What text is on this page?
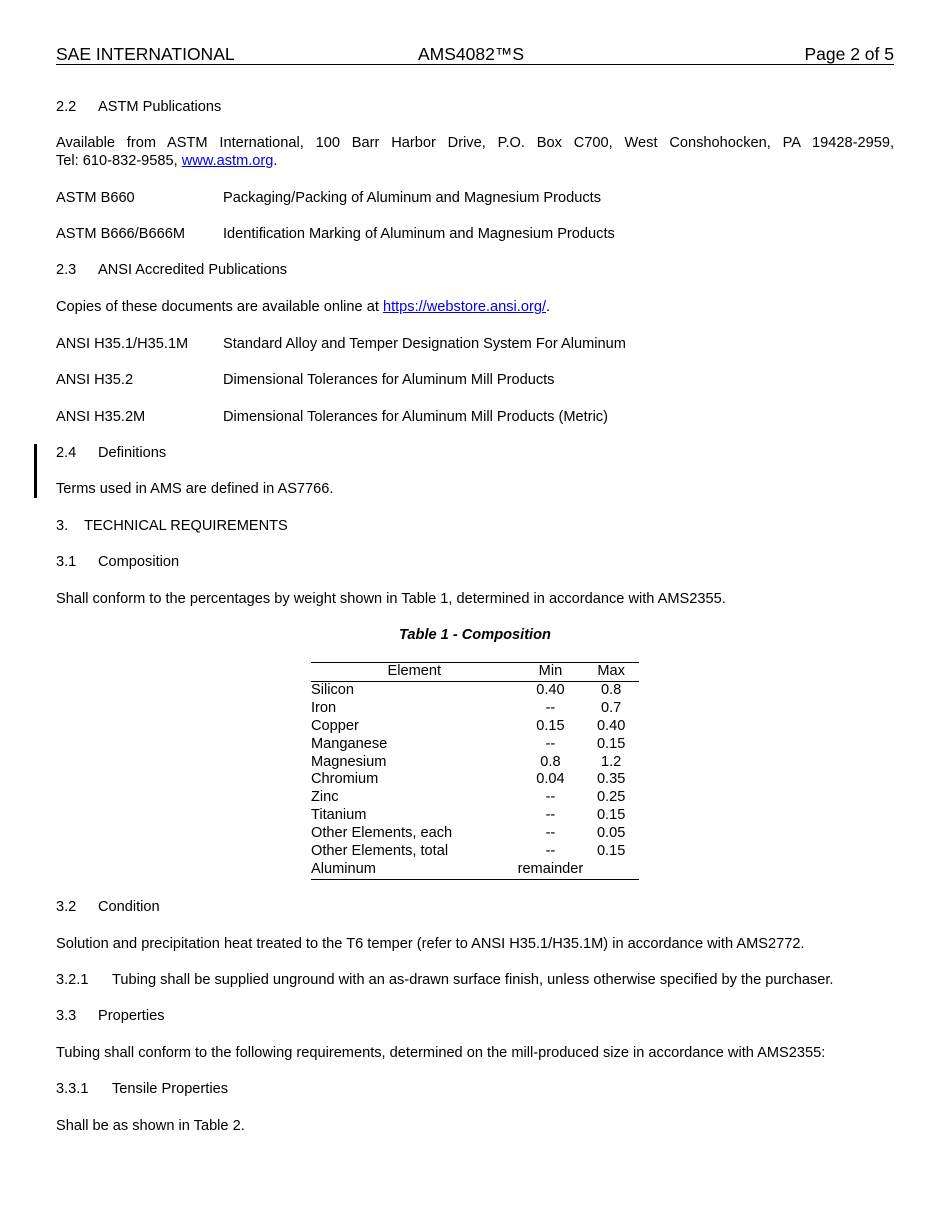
SAE INTERNATIONAL	AMS4082™S	Page 2 of 5
2.2 ASTM Publications
Available from ASTM International, 100 Barr Harbor Drive, P.O. Box C700, West Conshohocken, PA 19428-2959,
Tel: 610-832-9585, www.astm.org.
ASTM B660	Packaging/Packing of Aluminum and Magnesium Products
ASTM B666/B666M	Identification Marking of Aluminum and Magnesium Products
2.3 ANSI Accredited Publications
Copies of these documents are available online at https://webstore.ansi.org/.
ANSI H35.1/H35.1M Standard Alloy and Temper Designation System For Aluminum
ANSI H35.2	Dimensional Tolerances for Aluminum Mill Products
ANSI H35.2M	Dimensional Tolerances for Aluminum Mill Products (Metric)
2.4 Definitions
Terms used in AMS are defined in AS7766.
3. TECHNICAL REQUIREMENTS
3.1 Composition
Shall conform to the percentages by weight shown in Table 1, determined in accordance with AMS2355.
Table 1 - Composition
Element	Min	Max
Silicon	0.40	0.8
Iron	--	0.7
Copper	0.15	0.40
Manganese	--	0.15
Magnesium	0.8	1.2
Chromium	0.04	0.35
Zinc	--	0.25
Titanium	--	0.15
Other Elements, each	--	0.05
Other Elements, total	--	0.15
Aluminum	remainder	
3.2 Condition
Solution and precipitation heat treated to the T6 temper (refer to ANSI H35.1/H35.1M) in accordance with AMS2772.
3.2.1 Tubing shall be supplied unground with an as-drawn surface finish, unless otherwise specified by the purchaser.
3.3 Properties
Tubing shall conform to the following requirements, determined on the mill-produced size in accordance with AMS2355:
3.3.1 Tensile Properties
Shall be as shown in Table 2.
